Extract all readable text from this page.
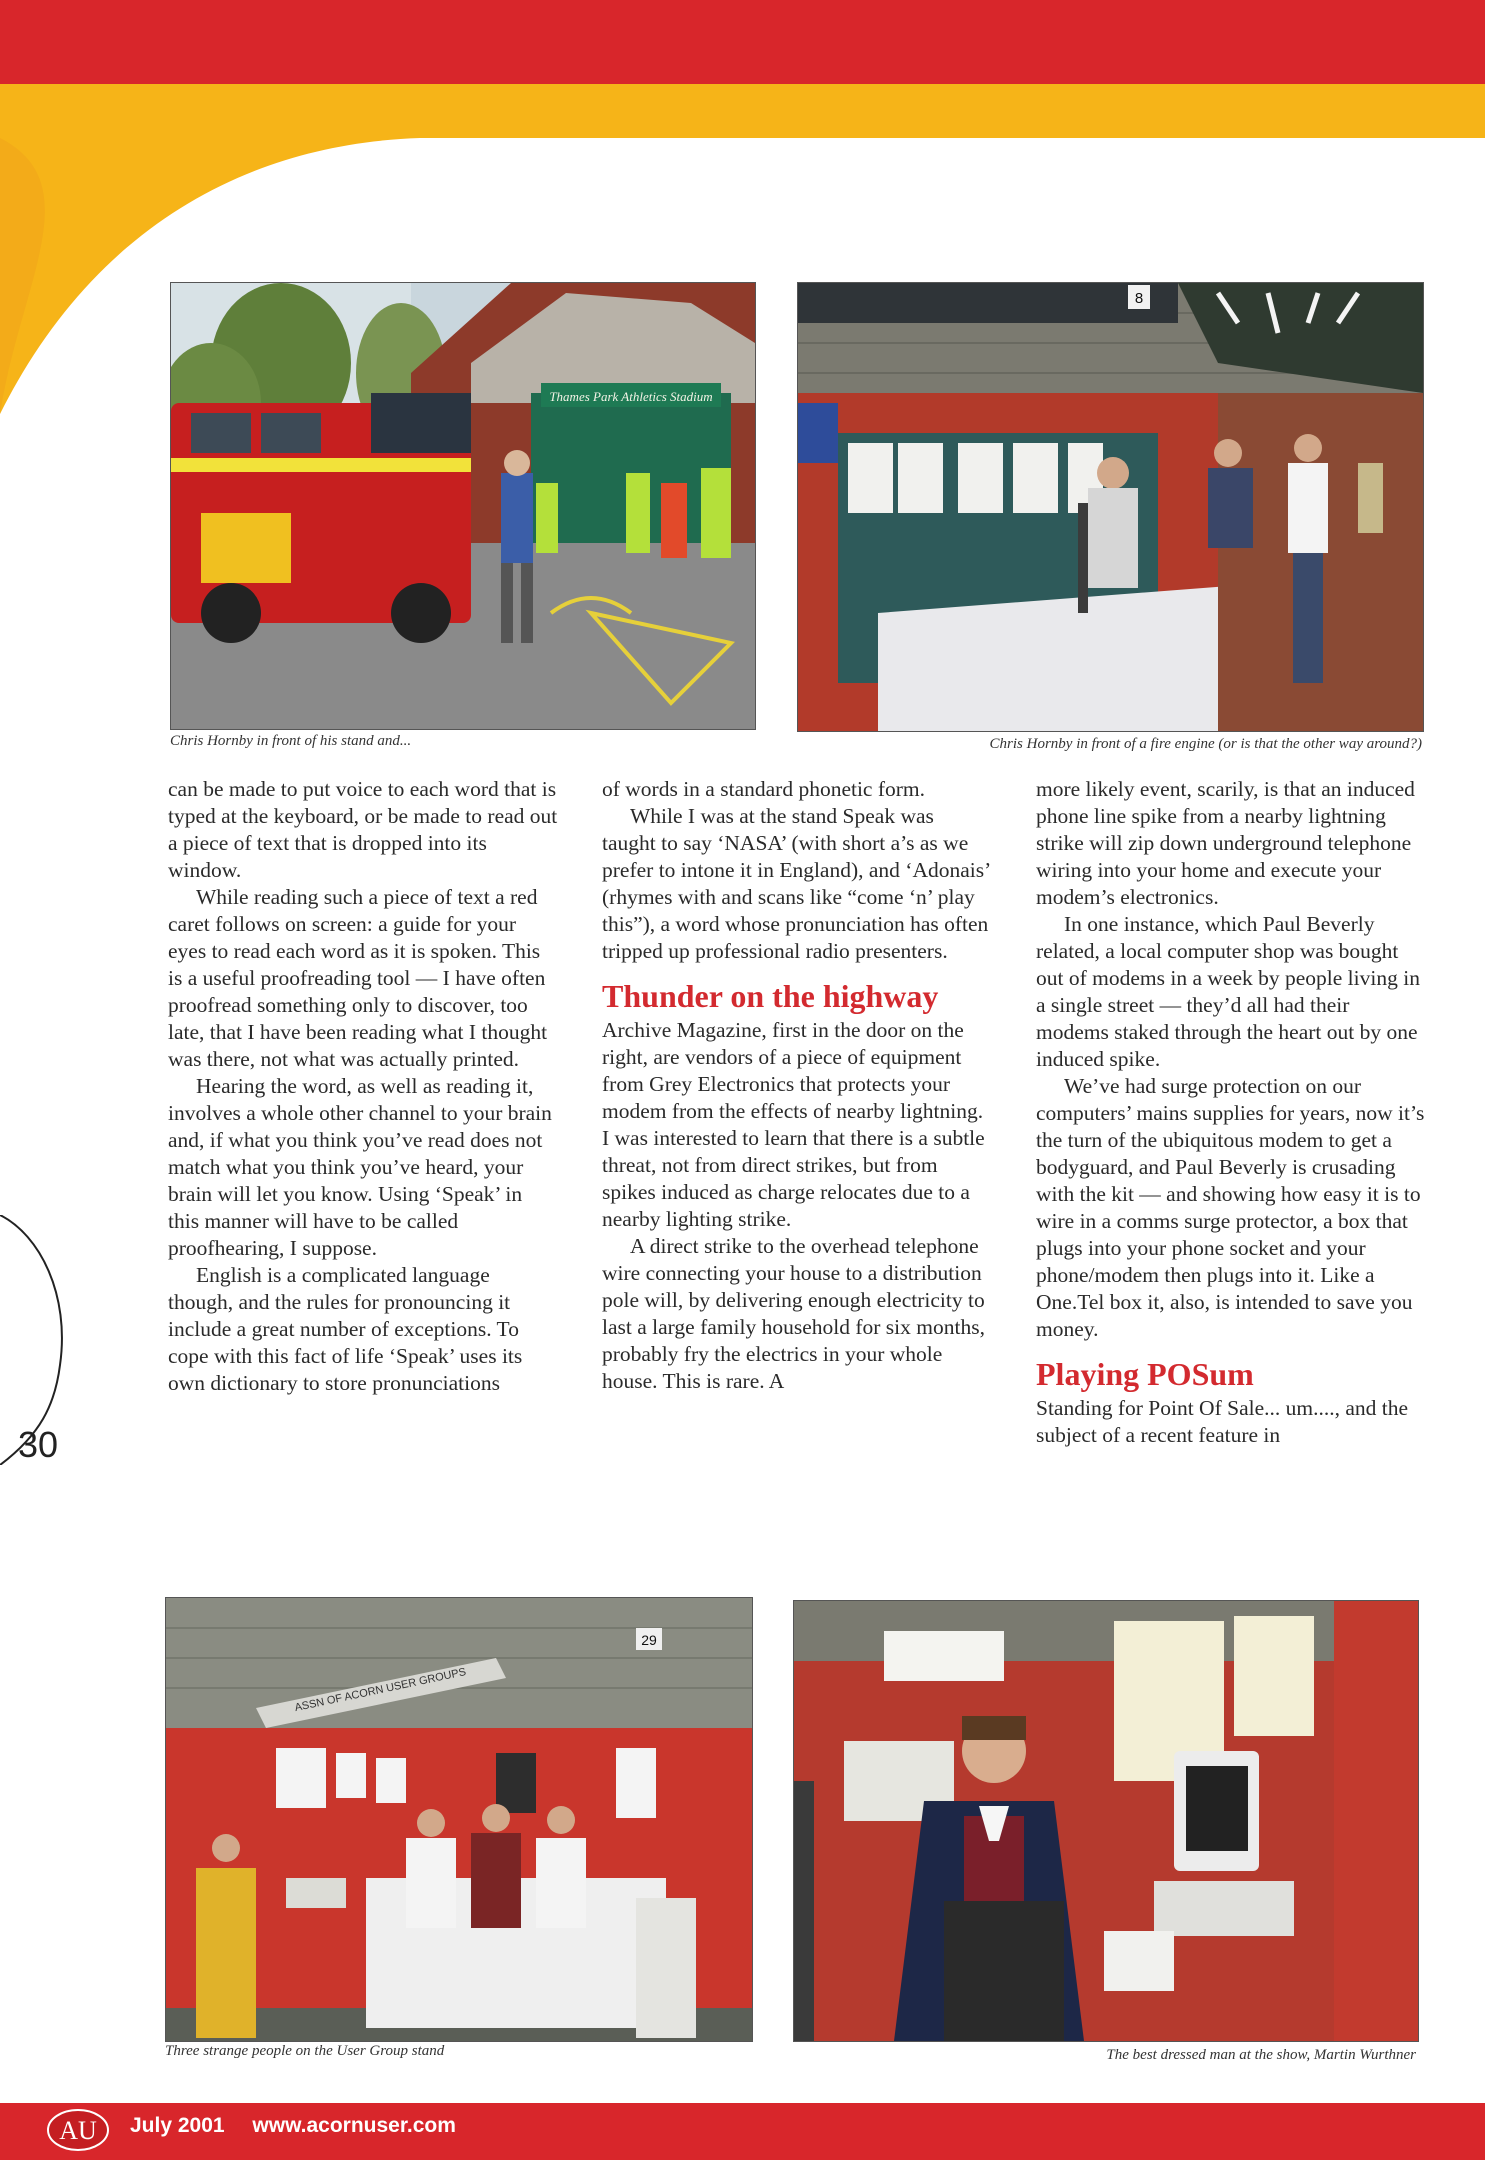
Thames Park Athletics Stadium
8
Chris Hornby in front of his stand and...	Chris Hornby in front of a fire engine (or is that the other way around?)

can be made to put voice to each word that is typed at the keyboard, or be made to read out a piece of text that is dropped into its window.

While reading such a piece of text a red caret follows on screen: a guide for your eyes to read each word as it is spoken. This is a useful proofreading tool — I have often proofread something only to discover, too late, that I have been reading what I thought was there, not what was actually printed.

Hearing the word, as well as reading it, involves a whole other channel to your brain and, if what you think you’ve read does not match what you think you’ve heard, your brain will let you know. Using ‘Speak’ in this manner will have to be called proofhearing, I suppose.

English is a complicated language though, and the rules for pronouncing it include a great number of exceptions. To cope with this fact of life ‘Speak’ uses its own dictionary to store pronunciations

of words in a standard phonetic form.

While I was at the stand Speak was taught to say ‘NASA’ (with short a’s as we prefer to intone it in England), and ‘Adonais’ (rhymes with and scans like “come ‘n’ play this”), a word whose pronunciation has often tripped up professional radio presenters.

Thunder on the highway

Archive Magazine, first in the door on the right, are vendors of a piece of equipment from Grey Electronics that protects your modem from the effects of nearby lightning. I was interested to learn that there is a subtle threat, not from direct strikes, but from spikes induced as charge relocates due to a nearby lighting strike.

A direct strike to the overhead telephone wire connecting your house to a distribution pole will, by delivering enough electricity to last a large family household for six months, probably fry the electrics in your whole house. This is rare. A

more likely event, scarily, is that an induced phone line spike from a nearby lightning strike will zip down underground telephone wiring into your home and execute your modem’s electronics.

In one instance, which Paul Beverly related, a local computer shop was bought out of modems in a week by people living in a single street — they’d all had their modems staked through the heart out by one induced spike.

We’ve had surge protection on our computers’ mains supplies for years, now it’s the turn of the ubiquitous modem to get a bodyguard, and Paul Beverly is crusading with the kit — and showing how easy it is to wire in a comms surge protector, a box that plugs into your phone socket and your phone/modem then plugs into it. Like a One.Tel box it, also, is intended to save you money.

Playing POSum

Standing for Point Of Sale... um...., and the subject of a recent feature in

30
ASSN OF ACORN USER GROUPS
29
Three strange people on the User Group stand	The best dressed man at the show, Martin Wurthner
AU July 2001 www.acornuser.com
